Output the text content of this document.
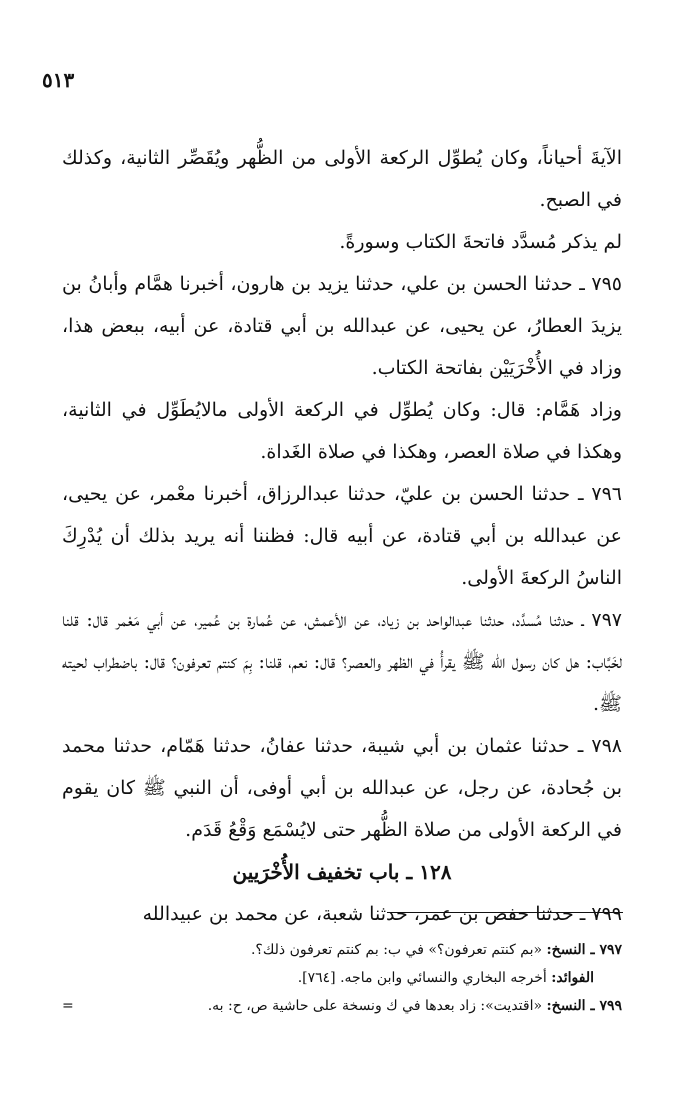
٥١٣

الآيةَ أحياناً، وكان يُطوِّل الركعة الأولى من الظُّهر ويُقَصِّر الثانية، وكذلك في الصبح.

لم يذكر مُسدَّد فاتحةَ الكتاب وسورةً.

٧٩٥ ـ حدثنا الحسن بن علي، حدثنا يزيد بن هارون، أخبرنا همَّام وأبانُ بن يزيدَ العطارُ، عن يحيى، عن عبدالله بن أبي قتادة، عن أبيه، ببعض هذا، وزاد في الأُخْرَيَيْن بفاتحة الكتاب.

وزاد هَمَّام: قال: وكان يُطوِّل في الركعة الأولى مالايُطَوِّل في الثانية، وهكذا في صلاة العصر، وهكذا في صلاة الغَداة.

٧٩٦ ـ حدثنا الحسن بن عليّ، حدثنا عبدالرزاق، أخبرنا معْمر، عن يحيى، عن عبدالله بن أبي قتادة، عن أبيه قال: فظننا أنه يريد بذلك أن يُدْرِكَ الناسُ الركعةَ الأولى.

٧٩٧ ـ حدثنا مُسدَّد، حدثنا عبدالواحد بن زياد، عن الأعمش، عن عُمارة بن عُمير، عن أبي مَعْمر قال: قلنا لخَبَّاب: هل كان رسول الله ﷺ يقرأُ في الظهر والعصر؟ قال: نعم، قلنا: بِمَ كنتم تعرفون؟ قال: باضطراب لحيته ﷺ.

٧٩٨ ـ حدثنا عثمان بن أبي شيبة، حدثنا عفانُ، حدثنا هَمّام، حدثنا محمد بن جُحادة، عن رجل، عن عبدالله بن أبي أوفى، أن النبي ﷺ كان يقوم في الركعة الأولى من صلاة الظُّهر حتى لايُسْمَع وَقْعُ قَدَم.

١٢٨ ـ باب تخفيف الأُخْرَيين

٧٩٩ ـ حدثنا حفص بن عمر، حدثنا شعبة، عن محمد بن عبيدالله

٧٩٧ ـ النسخ: «بم كنتم تعرفون؟» في ب: بم كنتم تعرفون ذلك؟.

الفوائد: أخرجه البخاري والنسائي وابن ماجه. [٧٦٤].

٧٩٩ ـ النسخ: «اقتديت»: زاد بعدها في ك ونسخة على حاشية ص، ح: به.
=
